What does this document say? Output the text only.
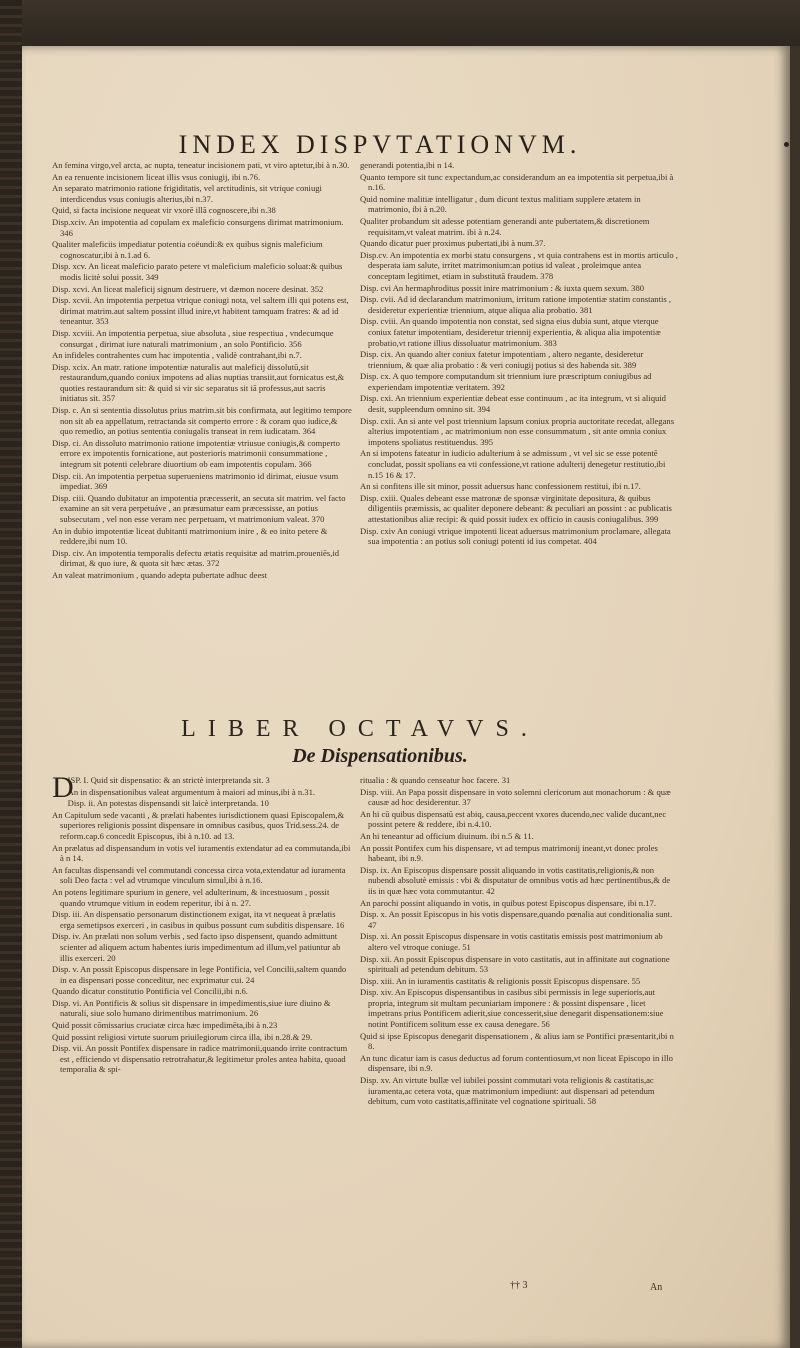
INDEX DISPVTATIONVM.

An femina virgo,vel arcta, ac nupta, teneatur incisionem pati, vt viro aptetur,ibi à n.30.

An ea renuente incisionem liceat illis vsus coniugij, ibi n.76.

An separato matrimonio ratione frigiditatis, vel arctitudinis, sit vtrique coniugi interdicendus vsus coniugis alterius,ibi n.37.

Quid, si facta incisione nequeat vir vxorē illā cognoscere,ibi n.38

Disp.xciv. An impotentia ad copulam ex maleficio consurgens dirimat matrimonium. 346

Qualiter maleficiis impediatur potentia coëundi:& ex quibus signis maleficium cognoscatur,ibi à n.1.ad 6.

Disp. xcv. An liceat maleficio parato petere vt maleficium maleficio soluat:& quibus modis licitè solui possit. 349

Disp. xcvi. An liceat maleficij signum destruere, vt dæmon nocere desinat. 352

Disp. xcvii. An impotentia perpetua vtrique coniugi nota, vel saltem illi qui potens est, dirimat matrim.aut saltem possint illud inire,vt habitent tamquam fratres: & ad id teneantur. 353

Disp. xcviii. An impotentia perpetua, siue absoluta , siue respectiua , vndecumque consurgat , dirimat iure naturali matrimonium , an solo Pontificio. 356

An infideles contrahentes cum hac impotentia , validè contrahant,ibi n.7.

Disp. xcix. An matr. ratione impotentiæ naturalis aut maleficij dissolutū,sit restaurandum,quando coniux impotens ad alias nuptias transiit,aut fornicatus est,& quoties restaurandum sit: & quid si vir sic separatus sit iā professus,aut sacris initiatus sit. 357

Disp. c. An si sententia dissolutus prius matrim.sit bis confirmata, aut legitimo tempore non sit ab ea appellatum, retractanda sit comperto errore : & coram quo iudice,& quo remedio, an potius sententia coniugalis transeat in rem iudicatam. 364

Disp. ci. An dissoluto matrimonio ratione impotentiæ vtriusue coniugis,& comperto errore ex impotentis fornicatione, aut posterioris matrimonii consummatione , integrum sit potenti celebrare diuortium ob eam impotentis copulam. 366

Disp. cii. An impotentia perpetua superueniens matrimonio id dirimat, eiusue vsum impediat. 369

Disp. ciii. Quando dubitatur an impotentia præcesserit, an secuta sit matrim. vel facto examine an sit vera perpetuáve , an præsumatur eam præcessisse, an potius subsecutam , vel non esse veram nec perpetuam, vt matrimonium valeat. 370

An in dubio impotentiæ liceat dubitanti matrimonium inire , & eo inito petere & reddere,ibi num 10.

Disp. civ. An impotentia temporalis defectu ætatis requisitæ ad matrim.proueniēs,id dirimat, & quo iure, & quota sit hæc ætas. 372

An valeat matrimonium , quando adepta pubertate adhuc deest

generandi potentia,ibi n 14.

Quanto tempore sit tunc expectandum,ac considerandum an ea impotentia sit perpetua,ibi à n.16.

Quid nomine malitiæ intelligatur , dum dicunt textus malitiam supplere ætatem in matrimonio, ibi à n.20.

Qualiter probandum sit adesse potentiam generandi ante pubertatem,& discretionem requisitam,vt valeat matrim. ibi à n.24.

Quando dicatur puer proximus pubertati,ibi à num.37.

Disp.cv. An impotentia ex morbi statu consurgens , vt quia contrahens est in mortis articulo , desperata iam salute, irritet matrimonium:an potius id valeat , proleimque antea conceptam legitimet, etiam in substitutā fraudem. 378

Disp. cvi An hermaphroditus possit inire matrimonium : & iuxta quem sexum. 380

Disp. cvii. Ad id declarandum matrimonium, irritum ratione impotentiæ statim constantis , desideretur experientiæ triennium, atque aliqua alia probatio. 381

Disp. cviii. An quando impotentia non constat, sed signa eius dubia sunt, atque vterque coniux fatetur impotentiam, desideretur triennij experientia, & aliqua alia impotentiæ probatio,vt ratione illius dissoluatur matrimonium. 383

Disp. cix. An quando alter coniux fatetur impotentiam , altero negante, desideretur triennium, & quæ alia probatio : & veri coniugij potius si des habenda sit. 389

Disp. cx. A quo tempore computandum sit triennium iure præscriptum coniugibus ad experiendam impotentiæ veritatem. 392

Disp. cxi. An triennium experientiæ debeat esse continuum , ac ita integrum, vt si aliquid desit, suppleendum omnino sit. 394

Disp. cxii. An si ante vel post triennium lapsum coniux propria auctoritate recedat, allegans alterius impotentiam , ac matrimonium non esse consummatum , sit ante omnia coniux impotens spoliatus restituendus. 395

An si impotens fateatur in iudicio adulterium à se admissum , vt vel sic se esse potentē concludat, possit spolians ea vti confessione,vt ratione adulterij denegetur restitutio,ibi n.15 16 & 17.

An si confitens ille sit minor, possit aduersus hanc confessionem restitui, ibi n.17.

Disp. cxiii. Quales debeant esse matronæ de sponsæ virginitate depositura, & quibus diligentiis præmissis, ac qualiter deponere debeant: & peculiari an possint : ac publicatis attestationibus aliæ recipi: & quid possit iudex ex officio in causis coniugalibus. 399

Disp. cxiv An coniugi vtrique impotenti liceat aduersus matrimonium proclamare, allegata sua impotentia : an potius soli coniugi potenti id ius competat. 404

LIBER OCTAVVS.
De Dispensationibus.

D
ISP. I. Quid sit dispensatio: & an strictè interpretanda sit. 3

An in dispensationibus valeat argumentum à maiori ad minus,ibi à n.31.

Disp. ii. An potestas dispensandi sit laicè interpretanda. 10

An Capitulum sede vacanti , & prælati habentes iurisdictionem quasi Episcopalem,& superiores religionis possint dispensare in omnibus casibus, quos Trid.sess.24. de reform.cap.6 concedit Episcopus, ibi à n.10. ad 13.

An prælatus ad dispensandum in votis vel iuramentis extendatur ad ea commutanda,ibi à n 14.

An facultas dispensandi vel commutandi concessa circa vota,extendatur ad iuramenta soli Deo facta : vel ad vtrumque vinculum simul,ibi à n.16.

An potens legitimare spurium in genere, vel adulterinum, & incestuosum , possit quando vtrumque vitium in eodem reperitur, ibi à n. 27.

Disp. iii. An dispensatio personarum distinctionem exigat, ita vt nequeat à prælatis erga semetipsos exerceri , in casibus in quibus possunt cum subditis dispensare. 16

Disp. iv. An prælati non solum verbis , sed facto ipso dispensent, quando admittunt scienter ad aliquem actum habentes iuris impedimentum ad illum,vel patiuntur ab illis exerceri. 20

Disp. v. An possit Episcopus dispensare in lege Pontificia, vel Concilii,saltem quando in ea dispensari posse conceditur, nec exprimatur cui. 24

Quando dicatur constitutio Pontificia vel Concilii,ibi n.6.

Disp. vi. An Pontificis & solius sit dispensare in impedimentis,siue iure diuino & naturali, siue solo humano dirimentibus matrimonium. 26

Quid possit cōmissarius cruciatæ circa hæc impedimēta,ibi à n.23

Quid possint religiosi virtute suorum priuilegiorum circa illa, ibi n.28.& 29.

Disp. vii. An possit Pontifex dispensare in radice matrimonii,quando irrite contractum est , efficiendo vt dispensatio retrotrahatur,& legitimetur proles antea habita, quoad temporalia & spi-

ritualia : & quando censeatur hoc facere. 31

Disp. viii. An Papa possit dispensare in voto solemni clericorum aut monachorum : & quæ causæ ad hoc desiderentur. 37

An hi cū quibus dispensatū est abiq, causa,peccent vxores ducendo,nec valide ducant,nec possint petere & reddere, ibi n.4.10.

An hi teneantur ad officium diuinum. ibi n.5 & 11.

An possit Pontifex cum his dispensare, vt ad tempus matrimonij ineant,vt donec proles habeant, ibi n.9.

Disp. ix. An Episcopus dispensare possit aliquando in votis castitatis,religionis,& non nubendi absolutè emissis : vbi & disputatur de omnibus votis ad hæc pertinentibus,& de iis in quæ hæc vota commutantur. 42

An parochi possint aliquando in votis, in quibus potest Episcopus dispensare, ibi n.17.

Disp. x. An possit Episcopus in his votis dispensare,quando pœnalia aut conditionalia sunt. 47

Disp. xi. An possit Episcopus dispensare in votis castitatis emissis post matrimonium ab altero vel vtroque coniuge. 51

Disp. xii. An possit Episcopus dispensare in voto castitatis, aut in affinitate aut cognatione spirituali ad petendum debitum. 53

Disp. xiii. An in iuramentis castitatis & religionis possit Episcopus dispensare. 55

Disp. xiv. An Episcopus dispensantibus in casibus sibi permissis in lege superioris,aut propria, integrum sit multam pecuniariam imponere : & possint dispensare , licet impetrans prius Pontificem adierit,siue concesserit,siue denegarit dispensationem:siue notint Pontificem solitum esse ex causa denegare. 56

Quid si ipse Episcopus denegarit dispensationem , & alius iam se Pontifici præsentarit,ibi n 8.

An tunc dicatur iam is casus deductus ad forum contentiosum,vt non liceat Episcopo in illo dispensare, ibi n.9.

Disp. xv. An virtute bullæ vel iubilei possint commutari vota religionis & castitatis,ac iuramenta,ac cetera vota, quæ matrimonium impediunt: aut dispensari ad petendum debitum, cum voto castitatis,affinitate vel cognatione spirituali. 58

†† 3	An
